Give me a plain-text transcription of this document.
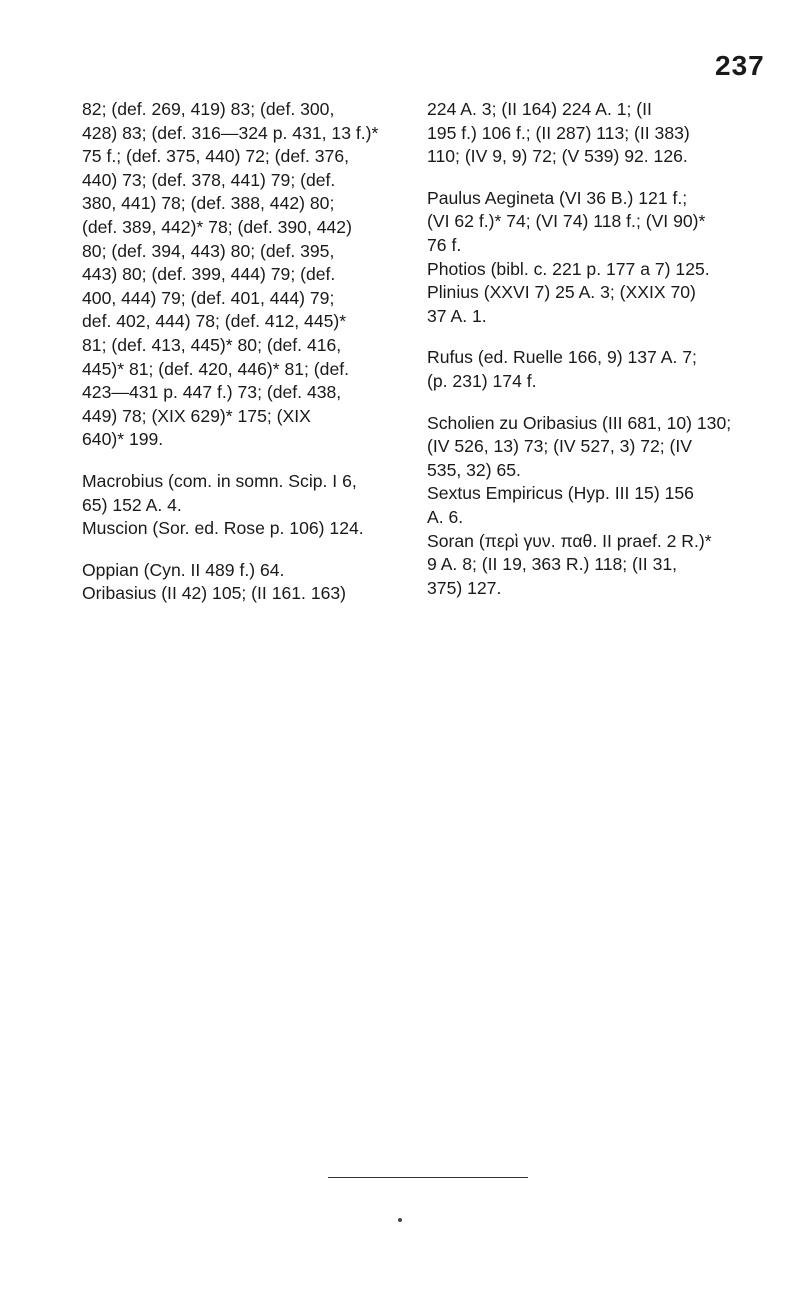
237
82; (def. 269, 419) 83; (def. 300,
428) 83; (def. 316—324 p. 431, 13 f.)*
75 f.; (def. 375, 440) 72; (def. 376,
440) 73; (def. 378, 441) 79; (def.
380, 441) 78; (def. 388, 442) 80;
(def. 389, 442)* 78; (def. 390, 442)
80; (def. 394, 443) 80; (def. 395,
443) 80; (def. 399, 444) 79; (def.
400, 444) 79; (def. 401, 444) 79;
def. 402, 444) 78; (def. 412, 445)*
81; (def. 413, 445)* 80; (def. 416,
445)* 81; (def. 420, 446)* 81; (def.
423—431 p. 447 f.) 73; (def. 438,
449) 78; (XIX 629)* 175; (XIX
640)* 199.
Macrobius (com. in somn. Scip. I 6,
65) 152 A. 4.
Muscion (Sor. ed. Rose p. 106) 124.
Oppian (Cyn. II 489 f.) 64.
Oribasius (II 42) 105; (II 161. 163)
224 A. 3; (II 164) 224 A. 1; (II
195 f.) 106 f.; (II 287) 113; (II 383)
110; (IV 9, 9) 72; (V 539) 92. 126.
Paulus Aegineta (VI 36 B.) 121 f.;
(VI 62 f.)* 74; (VI 74) 118 f.; (VI 90)*
76 f.
Photios (bibl. c. 221 p. 177 a 7) 125.
Plinius (XXVI 7) 25 A. 3; (XXIX 70)
37 A. 1.
Rufus (ed. Ruelle 166, 9) 137 A. 7;
(p. 231) 174 f.
Scholien zu Oribasius (III 681, 10) 130;
(IV 526, 13) 73; (IV 527, 3) 72; (IV
535, 32) 65.
Sextus Empiricus (Hyp. III 15) 156
A. 6.
Soran (περὶ γυν. παθ. II praef. 2 R.)*
9 A. 8; (II 19, 363 R.) 118; (II 31,
375) 127.
